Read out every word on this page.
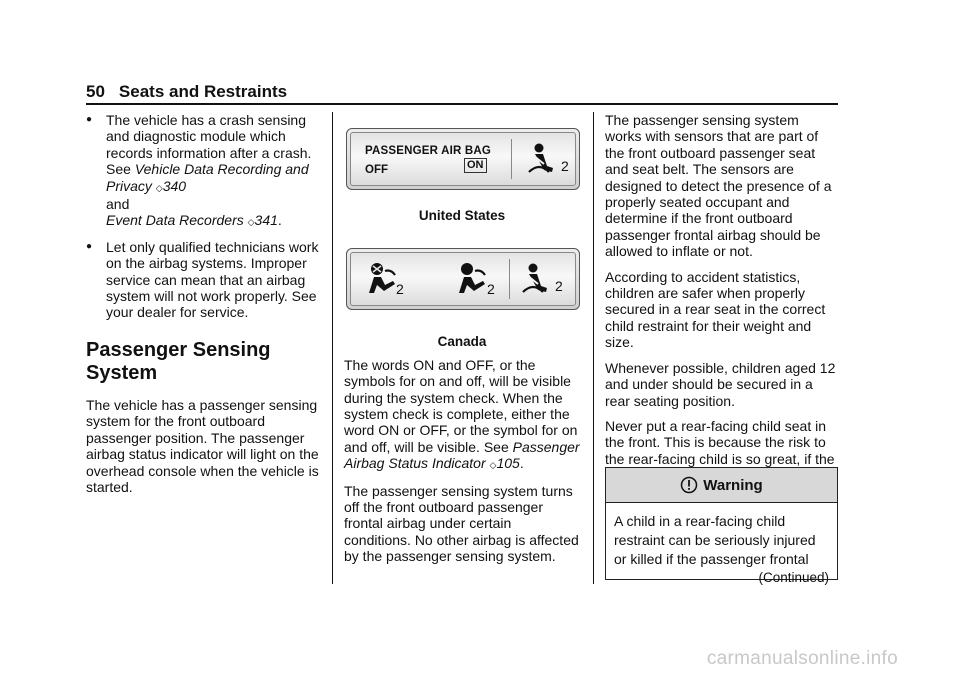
50 Seats and Restraints
● The vehicle has a crash sensing and diagnostic module which records information after a crash. See Vehicle Data Recording and Privacy ◇340
and
Event Data Recorders ◇341.
● Let only qualified technicians work on the airbag systems. Improper service can mean that an airbag system will not work properly. See your dealer for service.
Passenger Sensing
System

The vehicle has a passenger sensing system for the front outboard passenger position. The passenger airbag status indicator will light on the overhead console when the vehicle is started.

PASSENGER AIR BAG
OFF	ON	2
United States
2	2	2
Canada

The words ON and OFF, or the symbols for on and off, will be visible during the system check. When the system check is complete, either the word ON or OFF, or the symbol for on and off, will be visible. See Passenger Airbag Status Indicator ◇105.

The passenger sensing system turns off the front outboard passenger frontal airbag under certain conditions. No other airbag is affected by the passenger sensing system.

The passenger sensing system works with sensors that are part of the front outboard passenger seat and seat belt. The sensors are designed to detect the presence of a properly seated occupant and determine if the front outboard passenger frontal airbag should be allowed to inflate or not.

According to accident statistics, children are safer when properly secured in a rear seat in the correct child restraint for their weight and size.

Whenever possible, children aged 12 and under should be secured in a rear seating position.

Never put a rear-facing child seat in the front. This is because the risk to the rear-facing child is so great, if the

Warning
A child in a rear-facing child restraint can be seriously injured or killed if the passenger frontal
(Continued)
carmanualsonline.info
